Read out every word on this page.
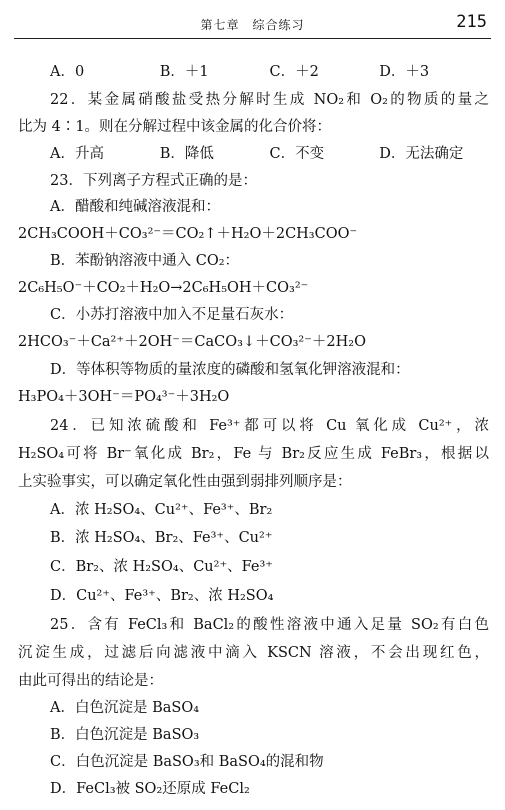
第七章　综合练习	215
A．0	B．＋1	C．＋2	D．＋3
22．某金属硝酸盐受热分解时生成 NO₂和 O₂的物质的量之
比为 4∶1。则在分解过程中该金属的化合价将：
A．升高	B．降低	C．不变	D．无法确定
23．下列离子方程式正确的是：
A．醋酸和纯碱溶液混和：
2CH₃COOH＋CO₃²⁻＝CO₂↑＋H₂O＋2CH₃COO⁻
B．苯酚钠溶液中通入 CO₂：
2C₆H₅O⁻＋CO₂＋H₂O→2C₆H₅OH＋CO₃²⁻
C．小苏打溶液中加入不足量石灰水：
2HCO₃⁻＋Ca²⁺＋2OH⁻＝CaCO₃↓＋CO₃²⁻＋2H₂O
D．等体积等物质的量浓度的磷酸和氢氧化钾溶液混和：
H₃PO₄＋3OH⁻＝PO₄³⁻＋3H₂O
24．已知浓硫酸和 Fe³⁺都可以将 Cu 氧化成 Cu²⁺，浓
H₂SO₄可将 Br⁻氧化成 Br₂，Fe 与 Br₂反应生成 FeBr₃，根据以
上实验事实，可以确定氧化性由强到弱排列顺序是：
A．浓 H₂SO₄、Cu²⁺、Fe³⁺、Br₂
B．浓 H₂SO₄、Br₂、Fe³⁺、Cu²⁺
C．Br₂、浓 H₂SO₄、Cu²⁺、Fe³⁺
D．Cu²⁺、Fe³⁺、Br₂、浓 H₂SO₄
25．含有 FeCl₃和 BaCl₂的酸性溶液中通入足量 SO₂有白色
沉淀生成，过滤后向滤液中滴入 KSCN 溶液，不会出现红色，
由此可得出的结论是：
A．白色沉淀是 BaSO₄
B．白色沉淀是 BaSO₃
C．白色沉淀是 BaSO₃和 BaSO₄的混和物
D．FeCl₃被 SO₂还原成 FeCl₂
